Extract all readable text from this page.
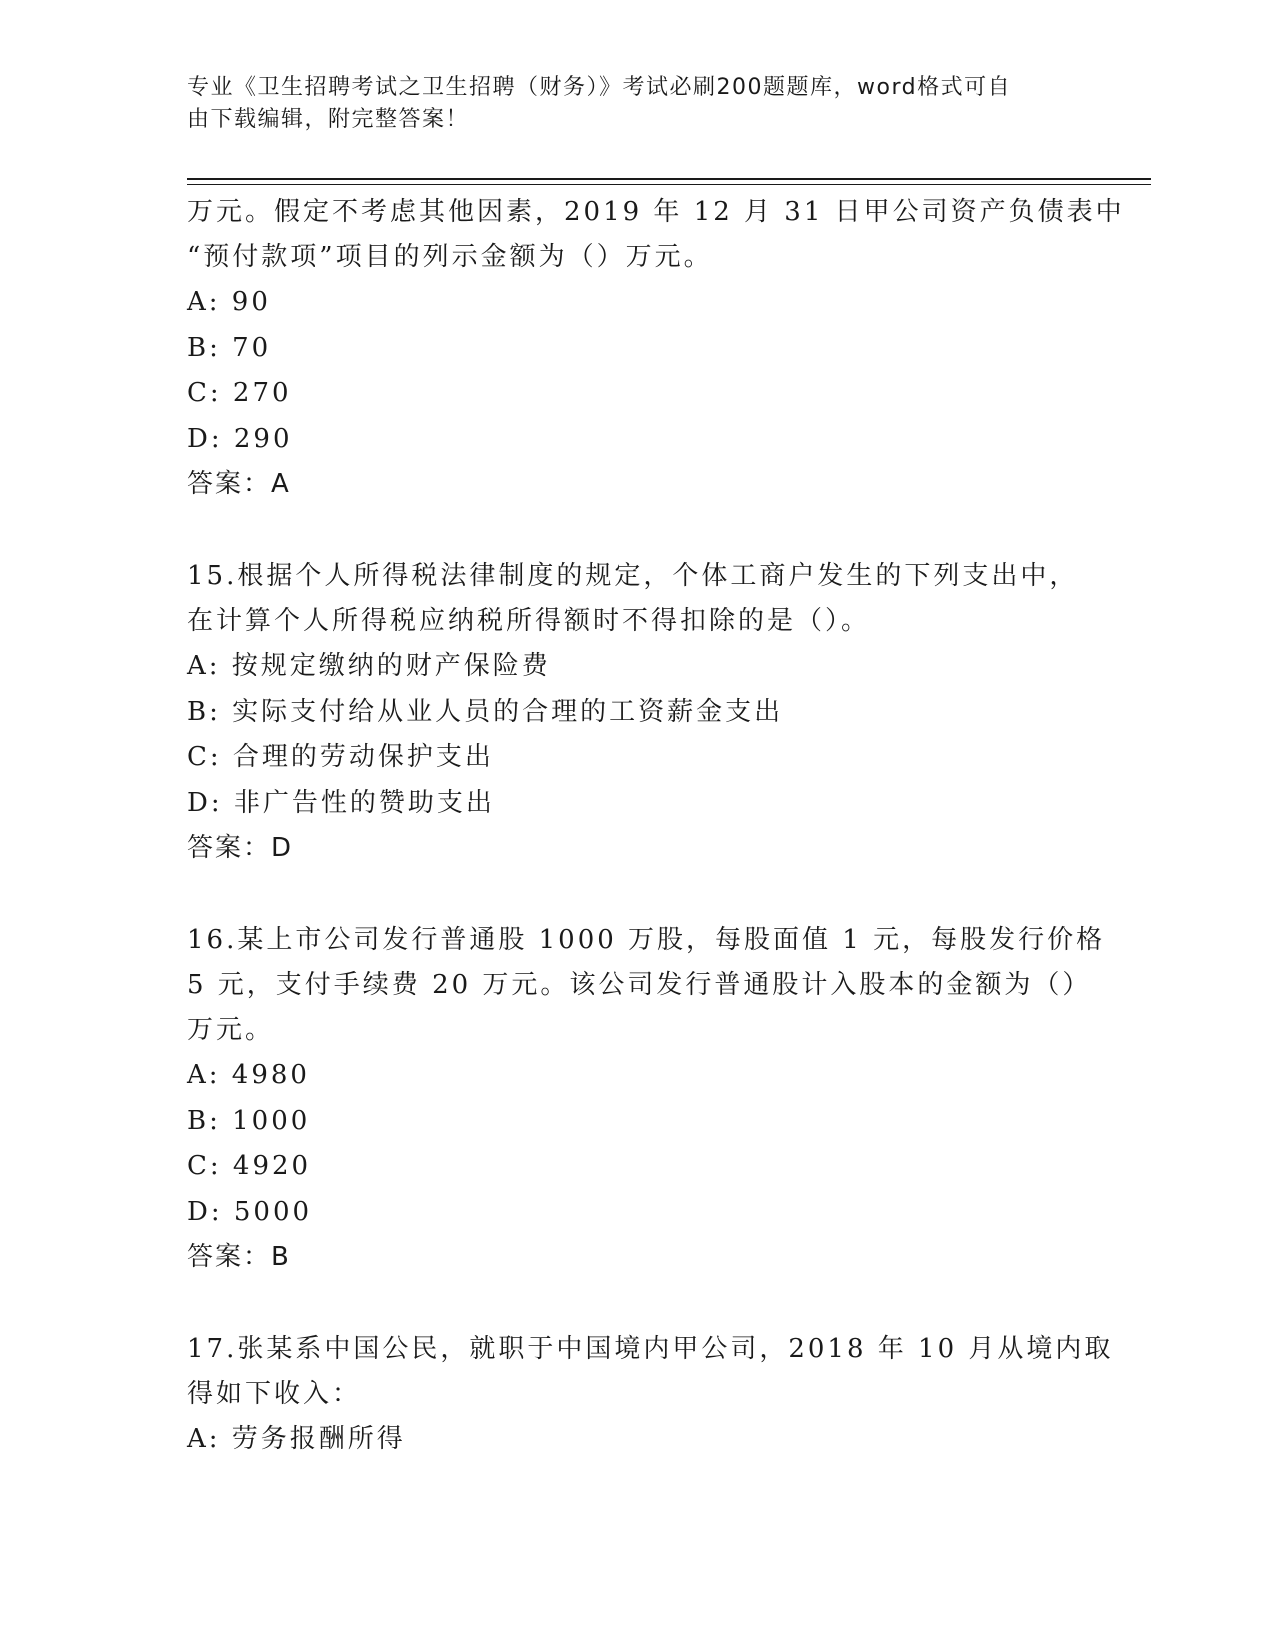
专业《卫生招聘考试之卫生招聘（财务）》考试必刷200题题库，word格式可自
由下载编辑，附完整答案！
万元。假定不考虑其他因素，2019 年 12 月 31 日甲公司资产负债表中
“预付款项”项目的列示金额为（）万元。
A: 90
B: 70
C: 270
D: 290
答案：A
15.根据个人所得税法律制度的规定，个体工商户发生的下列支出中，
在计算个人所得税应纳税所得额时不得扣除的是（）。
A: 按规定缴纳的财产保险费
B: 实际支付给从业人员的合理的工资薪金支出
C: 合理的劳动保护支出
D: 非广告性的赞助支出
答案：D
16.某上市公司发行普通股 1000 万股，每股面值 1 元，每股发行价格
5 元，支付手续费 20 万元。该公司发行普通股计入股本的金额为（）
万元。
A: 4980
B: 1000
C: 4920
D: 5000
答案：B
17.张某系中国公民，就职于中国境内甲公司，2018 年 10 月从境内取
得如下收入：
A: 劳务报酬所得
